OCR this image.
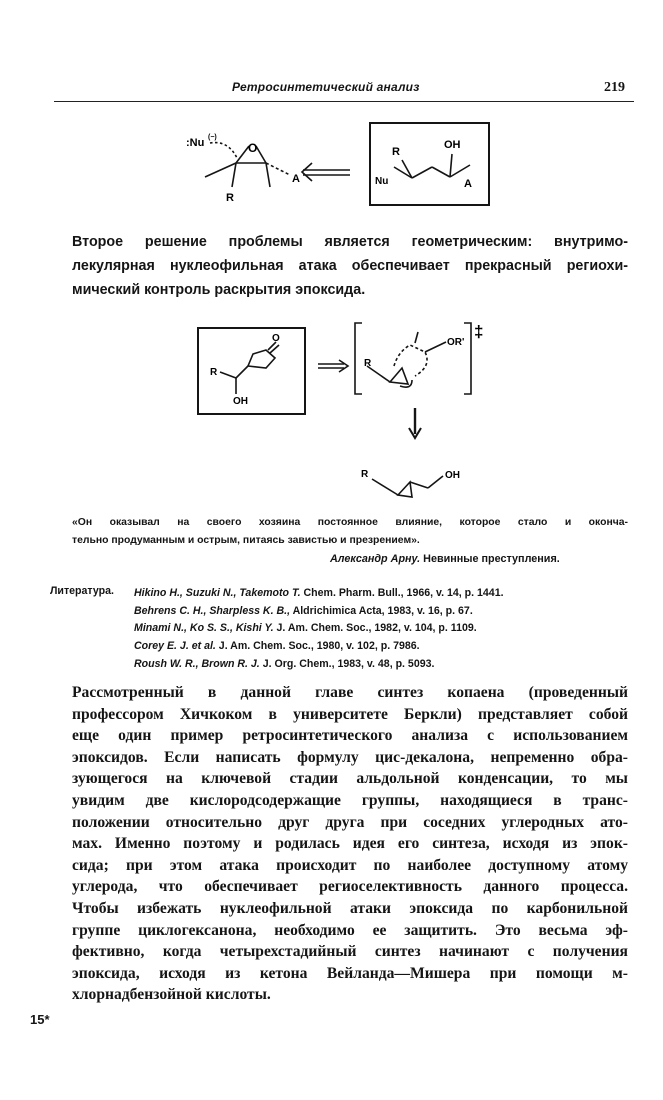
Ретросинтетический анализ	219
:Nu (−)
O
A
R
R
OH
Nu	A
Второе решение проблемы является геометрическим: внутримо-
лекулярная нуклеофильная атака обеспечивает прекрасный региохи-
мический контроль раскрытия эпоксида.
R
OH
O
R
OR'
‡
R	OH
«Он оказывал на своего хозяина постоянное влияние, которое стало и оконча-
тельно продуманным и острым, питаясь завистью и презрением».
Александр Арну. Невинные преступления.
Литература. Hikino H., Suzuki N., Takemoto T. Chem. Pharm. Bull., 1966, v. 14, p. 1441.
Behrens C. H., Sharpless K. B., Aldrichimica Acta, 1983, v. 16, p. 67.
Minami N., Ko S. S., Kishi Y. J. Am. Chem. Soc., 1982, v. 104, p. 1109.
Corey E. J. et al. J. Am. Chem. Soc., 1980, v. 102, p. 7986.
Roush W. R., Brown R. J. J. Org. Chem., 1983, v. 48, p. 5093.
Рассмотренный в данной главе синтез копаена (проведенный
профессором Хичкоком в университете Беркли) представляет собой
еще один пример ретросинтетического анализа с использованием
эпоксидов. Если написать формулу цис-декалона, непременно обра-
зующегося на ключевой стадии альдольной конденсации, то мы
увидим две кислородсодержащие группы, находящиеся в транс-
положении относительно друг друга при соседних углеродных ато-
мах. Именно поэтому и родилась идея его синтеза, исходя из эпок-
сида; при этом атака происходит по наиболее доступному атому
углерода, что обеспечивает региоселективность данного процесса.
Чтобы избежать нуклеофильной атаки эпоксида по карбонильной
группе циклогексанона, необходимо ее защитить. Это весьма эф-
фективно, когда четырехстадийный синтез начинают с получения
эпоксида, исходя из кетона Вейланда—Мишера при помощи м-
хлорнадбензойной кислоты.
15*
